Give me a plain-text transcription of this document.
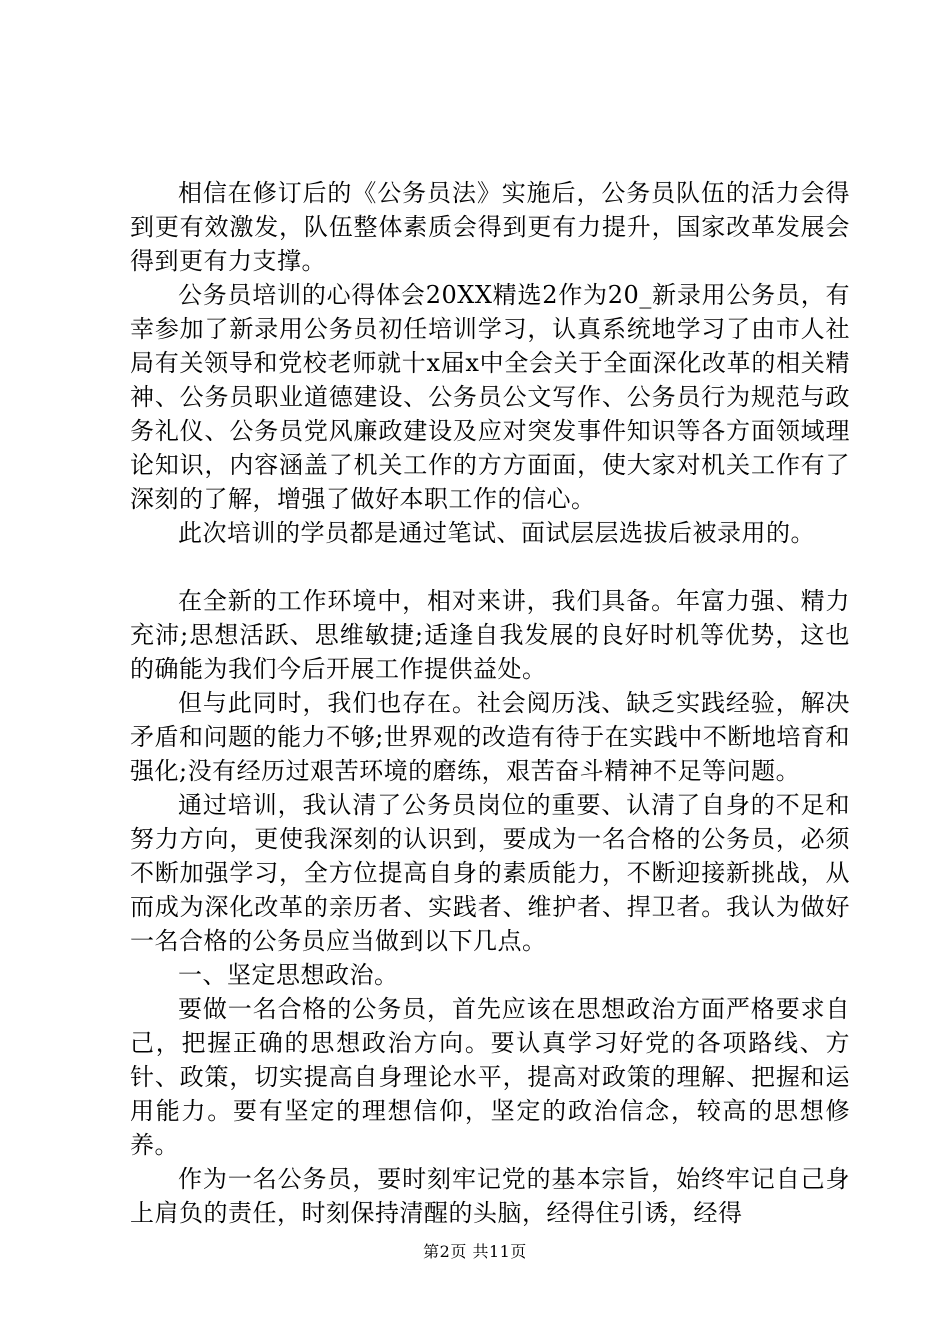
相信在修订后的《公务员法》实施后，公务员队伍的活力会得到更有效激发，队伍整体素质会得到更有力提升，国家改革发展会得到更有力支撑。

公务员培训的心得体会20XX精选2作为20_新录用公务员，有幸参加了新录用公务员初任培训学习，认真系统地学习了由市人社局有关领导和党校老师就十x届x中全会关于全面深化改革的相关精神、公务员职业道德建设、公务员公文写作、公务员行为规范与政务礼仪、公务员党风廉政建设及应对突发事件知识等各方面领域理论知识，内容涵盖了机关工作的方方面面，使大家对机关工作有了深刻的了解，增强了做好本职工作的信心。

此次培训的学员都是通过笔试、面试层层选拔后被录用的。

在全新的工作环境中，相对来讲，我们具备。年富力强、精力充沛;思想活跃、思维敏捷;适逢自我发展的良好时机等优势，这也的确能为我们今后开展工作提供益处。

但与此同时，我们也存在。社会阅历浅、缺乏实践经验，解决矛盾和问题的能力不够;世界观的改造有待于在实践中不断地培育和强化;没有经历过艰苦环境的磨练，艰苦奋斗精神不足等问题。

通过培训，我认清了公务员岗位的重要、认清了自身的不足和努力方向，更使我深刻的认识到，要成为一名合格的公务员，必须不断加强学习，全方位提高自身的素质能力，不断迎接新挑战，从而成为深化改革的亲历者、实践者、维护者、捍卫者。我认为做好一名合格的公务员应当做到以下几点。

一、坚定思想政治。

要做一名合格的公务员，首先应该在思想政治方面严格要求自己，把握正确的思想政治方向。要认真学习好党的各项路线、方针、政策，切实提高自身理论水平，提高对政策的理解、把握和运用能力。要有坚定的理想信仰，坚定的政治信念，较高的思想修养。

作为一名公务员，要时刻牢记党的基本宗旨，始终牢记自己身上肩负的责任，时刻保持清醒的头脑，经得住引诱，经得

第2页 共11页
